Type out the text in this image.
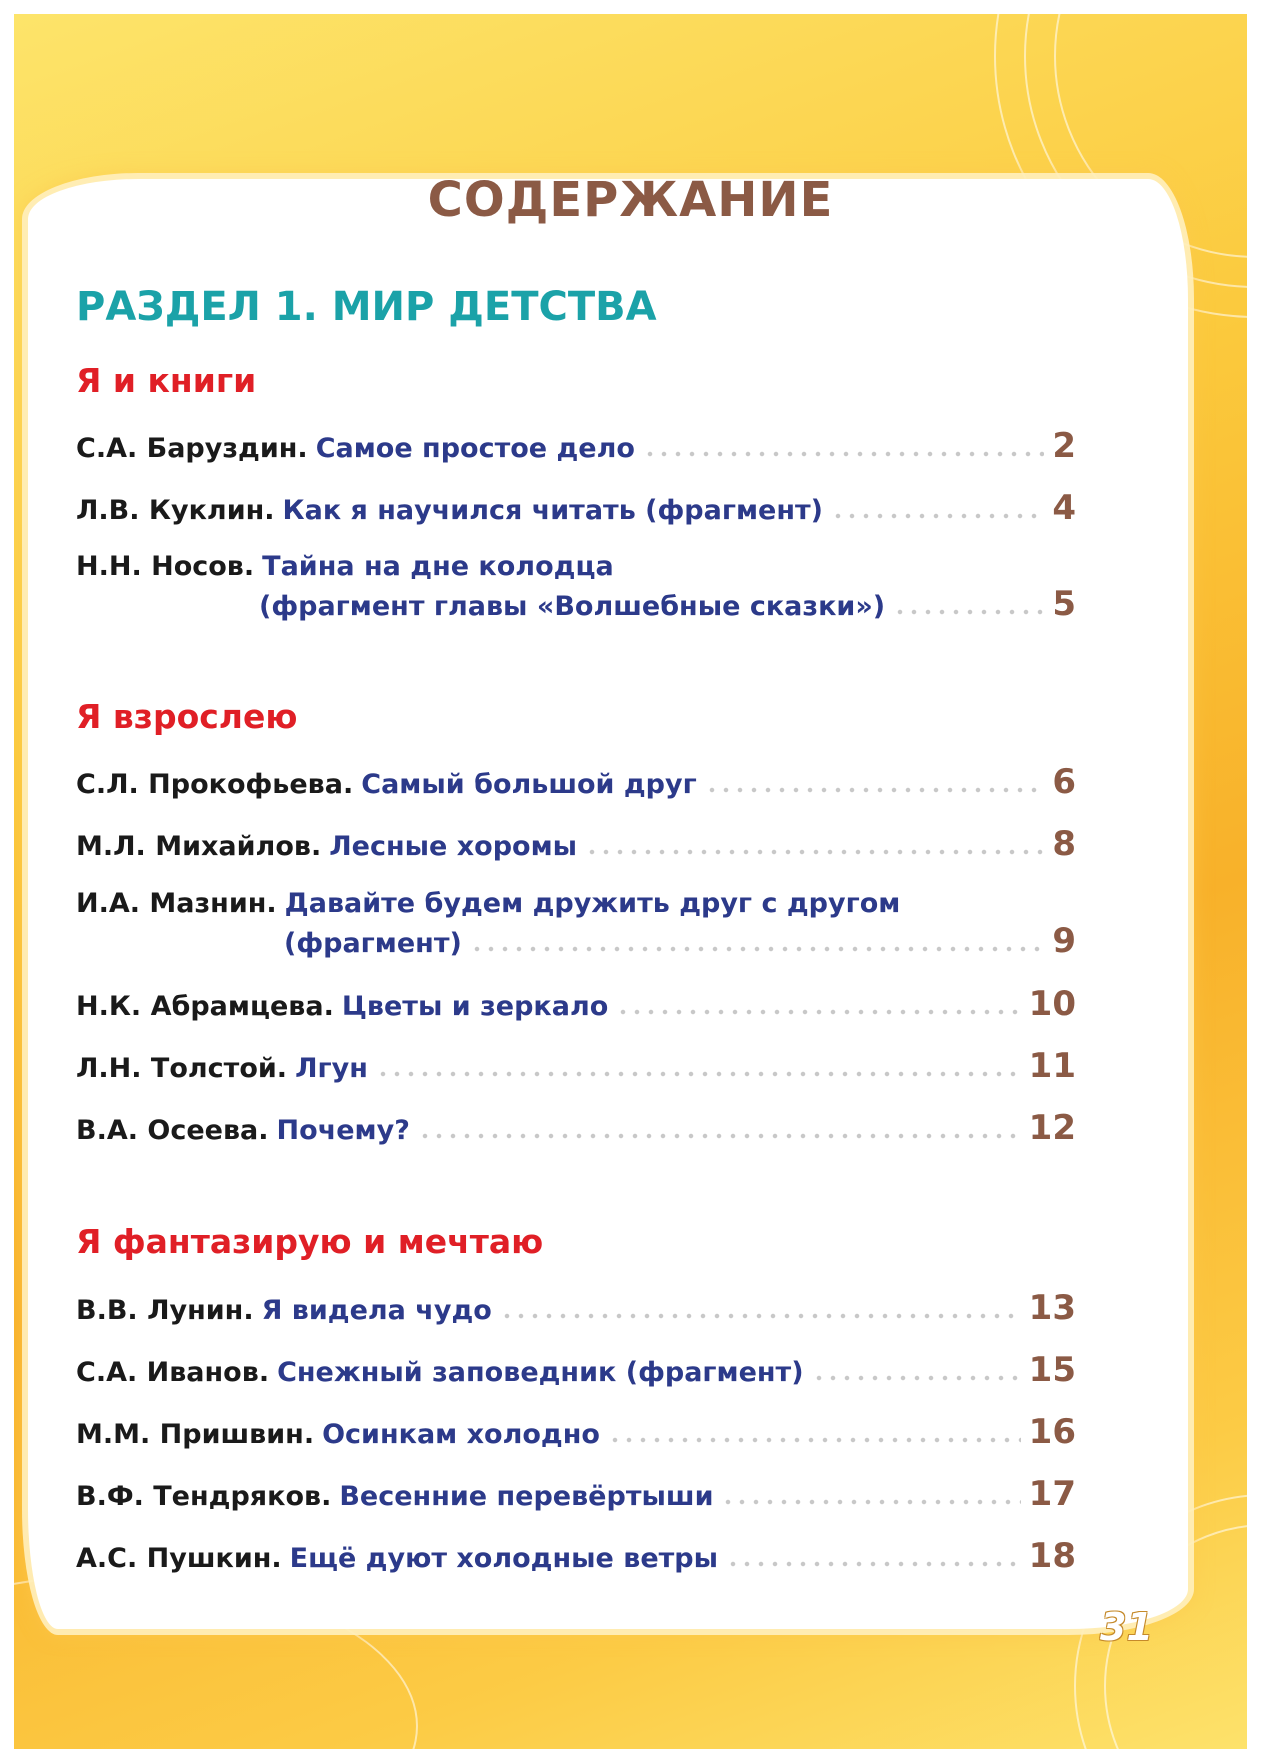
СОДЕРЖАНИЕ
РАЗДЕЛ 1. МИР ДЕТСТВА
Я и книги
С.А. Баруздин. Самое простое дело	2
Л.В. Куклин. Как я научился читать (фрагмент)	4
Н.Н. Носов. Тайна на дне колодца
(фрагмент главы «Волшебные сказки»)	5
Я взрослею
С.Л. Прокофьева. Самый большой друг	6
М.Л. Михайлов. Лесные хоромы	8
И.А. Мазнин. Давайте будем дружить друг с другом
(фрагмент)	9
Н.К. Абрамцева. Цветы и зеркало	10
Л.Н. Толстой. Лгун	11
В.А. Осеева. Почему?	12
Я фантазирую и мечтаю
В.В. Лунин. Я видела чудо	13
С.А. Иванов. Снежный заповедник (фрагмент)	15
М.М. Пришвин. Осинкам холодно	16
В.Ф. Тендряков. Весенние перевёртыши	17
А.С. Пушкин. Ещё дуют холодные ветры	18
31
